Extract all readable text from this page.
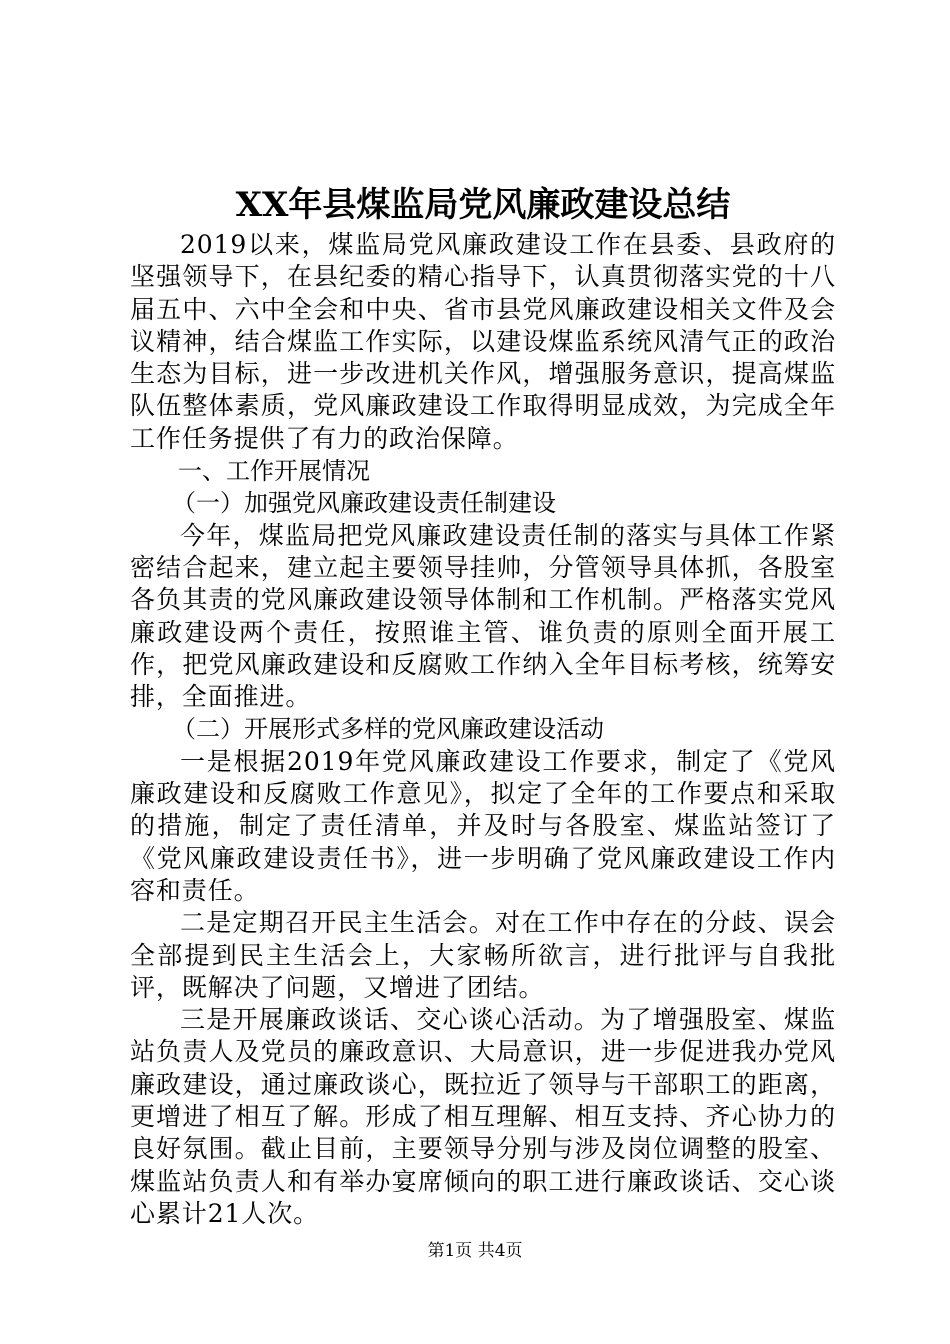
XX年县煤监局党风廉政建设总结

2019以来，煤监局党风廉政建设工作在县委、县政府的坚强领导下，在县纪委的精心指导下，认真贯彻落实党的十八届五中、六中全会和中央、省市县党风廉政建设相关文件及会议精神，结合煤监工作实际，以建设煤监系统风清气正的政治生态为目标，进一步改进机关作风，增强服务意识，提高煤监队伍整体素质，党风廉政建设工作取得明显成效，为完成全年工作任务提供了有力的政治保障。

一、工作开展情况

（一）加强党风廉政建设责任制建设

今年，煤监局把党风廉政建设责任制的落实与具体工作紧密结合起来，建立起主要领导挂帅，分管领导具体抓，各股室各负其责的党风廉政建设领导体制和工作机制。严格落实党风廉政建设两个责任，按照谁主管、谁负责的原则全面开展工作，把党风廉政建设和反腐败工作纳入全年目标考核，统筹安排，全面推进。

（二）开展形式多样的党风廉政建设活动

一是根据2019年党风廉政建设工作要求，制定了《党风廉政建设和反腐败工作意见》，拟定了全年的工作要点和采取的措施，制定了责任清单，并及时与各股室、煤监站签订了《党风廉政建设责任书》，进一步明确了党风廉政建设工作内容和责任。

二是定期召开民主生活会。对在工作中存在的分歧、误会全部提到民主生活会上，大家畅所欲言，进行批评与自我批评，既解决了问题，又增进了团结。

三是开展廉政谈话、交心谈心活动。为了增强股室、煤监站负责人及党员的廉政意识、大局意识，进一步促进我办党风廉政建设，通过廉政谈心，既拉近了领导与干部职工的距离，更增进了相互了解。形成了相互理解、相互支持、齐心协力的良好氛围。截止目前，主要领导分别与涉及岗位调整的股室、煤监站负责人和有举办宴席倾向的职工进行廉政谈话、交心谈心累计21人次。

第1页 共4页
